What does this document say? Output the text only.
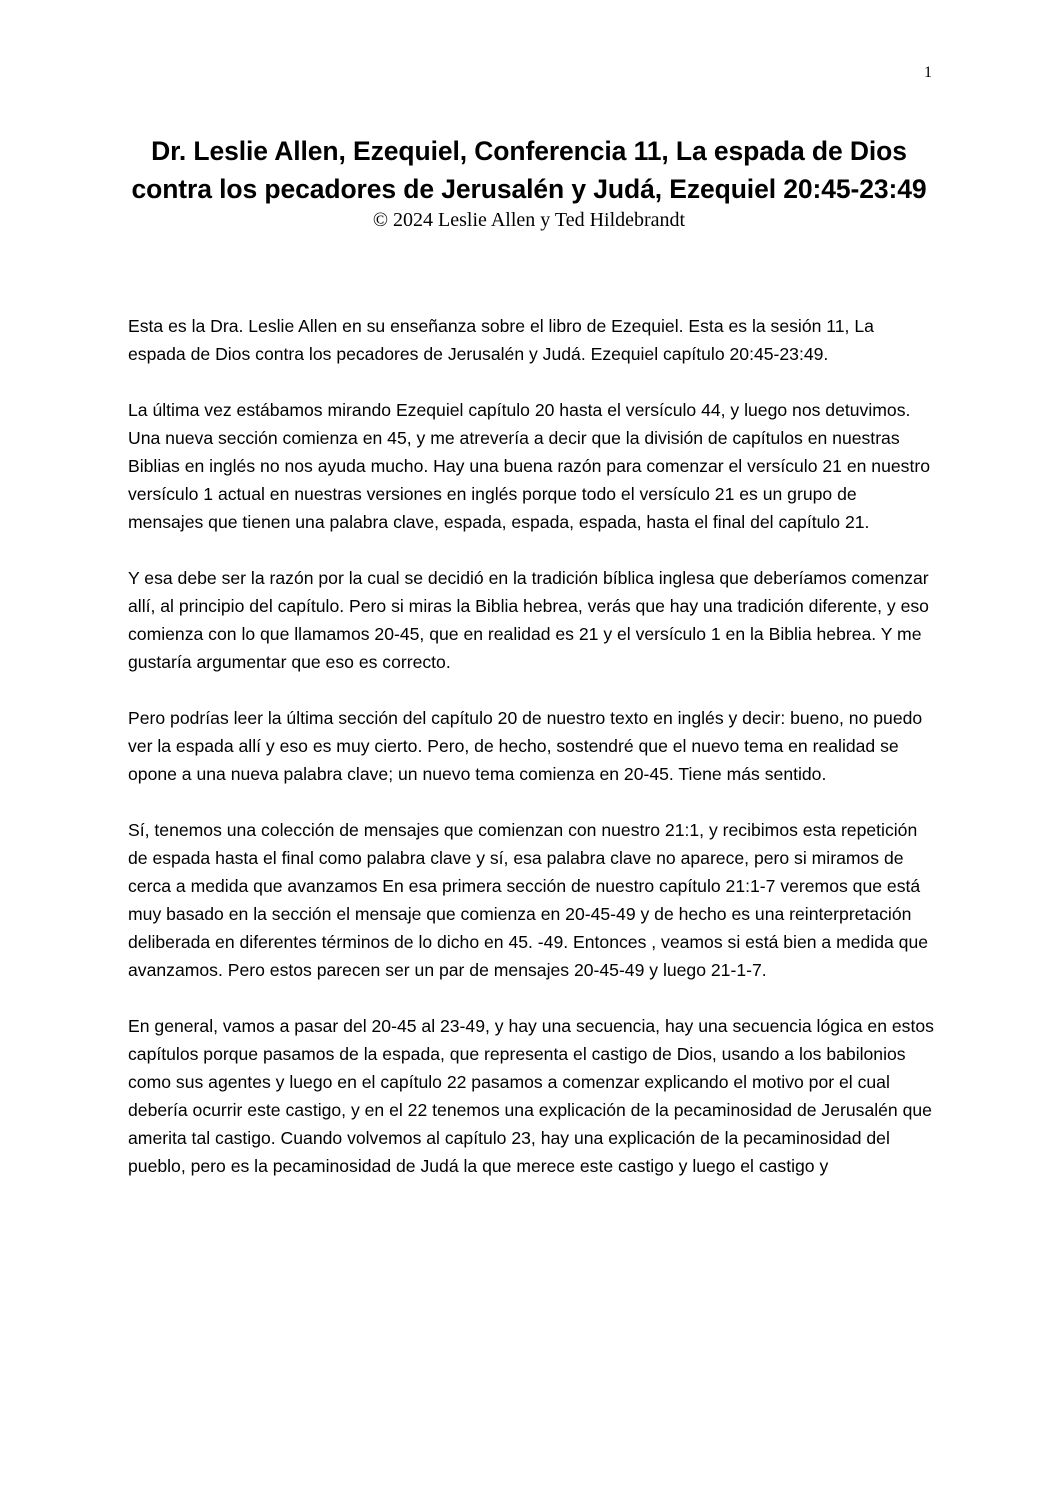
1
Dr. Leslie Allen, Ezequiel, Conferencia 11, La espada de Dios contra los pecadores de Jerusalén y Judá, Ezequiel 20:45-23:49

© 2024 Leslie Allen y Ted Hildebrandt

Esta es la Dra. Leslie Allen en su enseñanza sobre el libro de Ezequiel. Esta es la sesión 11, La espada de Dios contra los pecadores de Jerusalén y Judá. Ezequiel capítulo 20:45-23:49.

La última vez estábamos mirando Ezequiel capítulo 20 hasta el versículo 44, y luego nos detuvimos. Una nueva sección comienza en 45, y me atrevería a decir que la división de capítulos en nuestras Biblias en inglés no nos ayuda mucho. Hay una buena razón para comenzar el versículo 21 en nuestro versículo 1 actual en nuestras versiones en inglés porque todo el versículo 21 es un grupo de mensajes que tienen una palabra clave, espada, espada, espada, hasta el final del capítulo 21.

Y esa debe ser la razón por la cual se decidió en la tradición bíblica inglesa que deberíamos comenzar allí, al principio del capítulo. Pero si miras la Biblia hebrea, verás que hay una tradición diferente, y eso comienza con lo que llamamos 20-45, que en realidad es 21 y el versículo 1 en la Biblia hebrea. Y me gustaría argumentar que eso es correcto.

Pero podrías leer la última sección del capítulo 20 de nuestro texto en inglés y decir: bueno, no puedo ver la espada allí y eso es muy cierto. Pero, de hecho, sostendré que el nuevo tema en realidad se opone a una nueva palabra clave; un nuevo tema comienza en 20-45. Tiene más sentido.

Sí, tenemos una colección de mensajes que comienzan con nuestro 21:1, y recibimos esta repetición de espada hasta el final como palabra clave y sí, esa palabra clave no aparece, pero si miramos de cerca a medida que avanzamos En esa primera sección de nuestro capítulo 21:1-7 veremos que está muy basado en la sección el mensaje que comienza en 20-45-49 y de hecho es una reinterpretación deliberada en diferentes términos de lo dicho en 45. -49. Entonces , veamos si está bien a medida que avanzamos. Pero estos parecen ser un par de mensajes 20-45-49 y luego 21-1-7.

En general, vamos a pasar del 20-45 al 23-49, y hay una secuencia, hay una secuencia lógica en estos capítulos porque pasamos de la espada, que representa el castigo de Dios, usando a los babilonios como sus agentes y luego en el capítulo 22 pasamos a comenzar explicando el motivo por el cual debería ocurrir este castigo, y en el 22 tenemos una explicación de la pecaminosidad de Jerusalén que amerita tal castigo. Cuando volvemos al capítulo 23, hay una explicación de la pecaminosidad del pueblo, pero es la pecaminosidad de Judá la que merece este castigo y luego el castigo y
